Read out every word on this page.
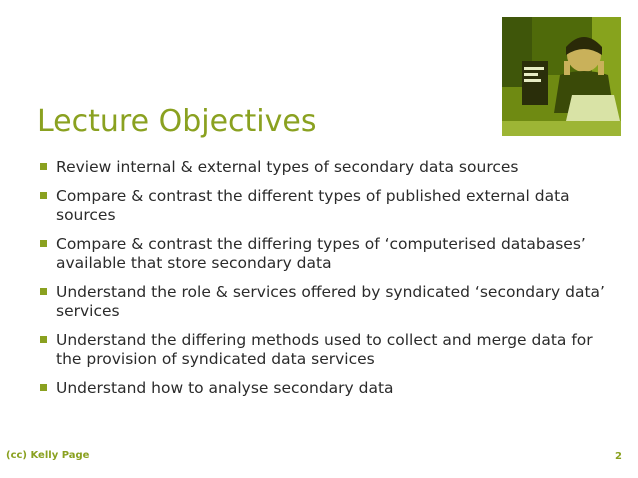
Lecture Objectives
Review internal & external types of secondary data sources
Compare & contrast the different types of published external data sources
Compare & contrast the differing types of ‘computerised databases’ available that store secondary data
Understand the role & services offered by syndicated ‘secondary data’ services
Understand the differing methods used to collect and merge data for the provision of syndicated data services
Understand how to analyse secondary data
(cc) Kelly Page	2
